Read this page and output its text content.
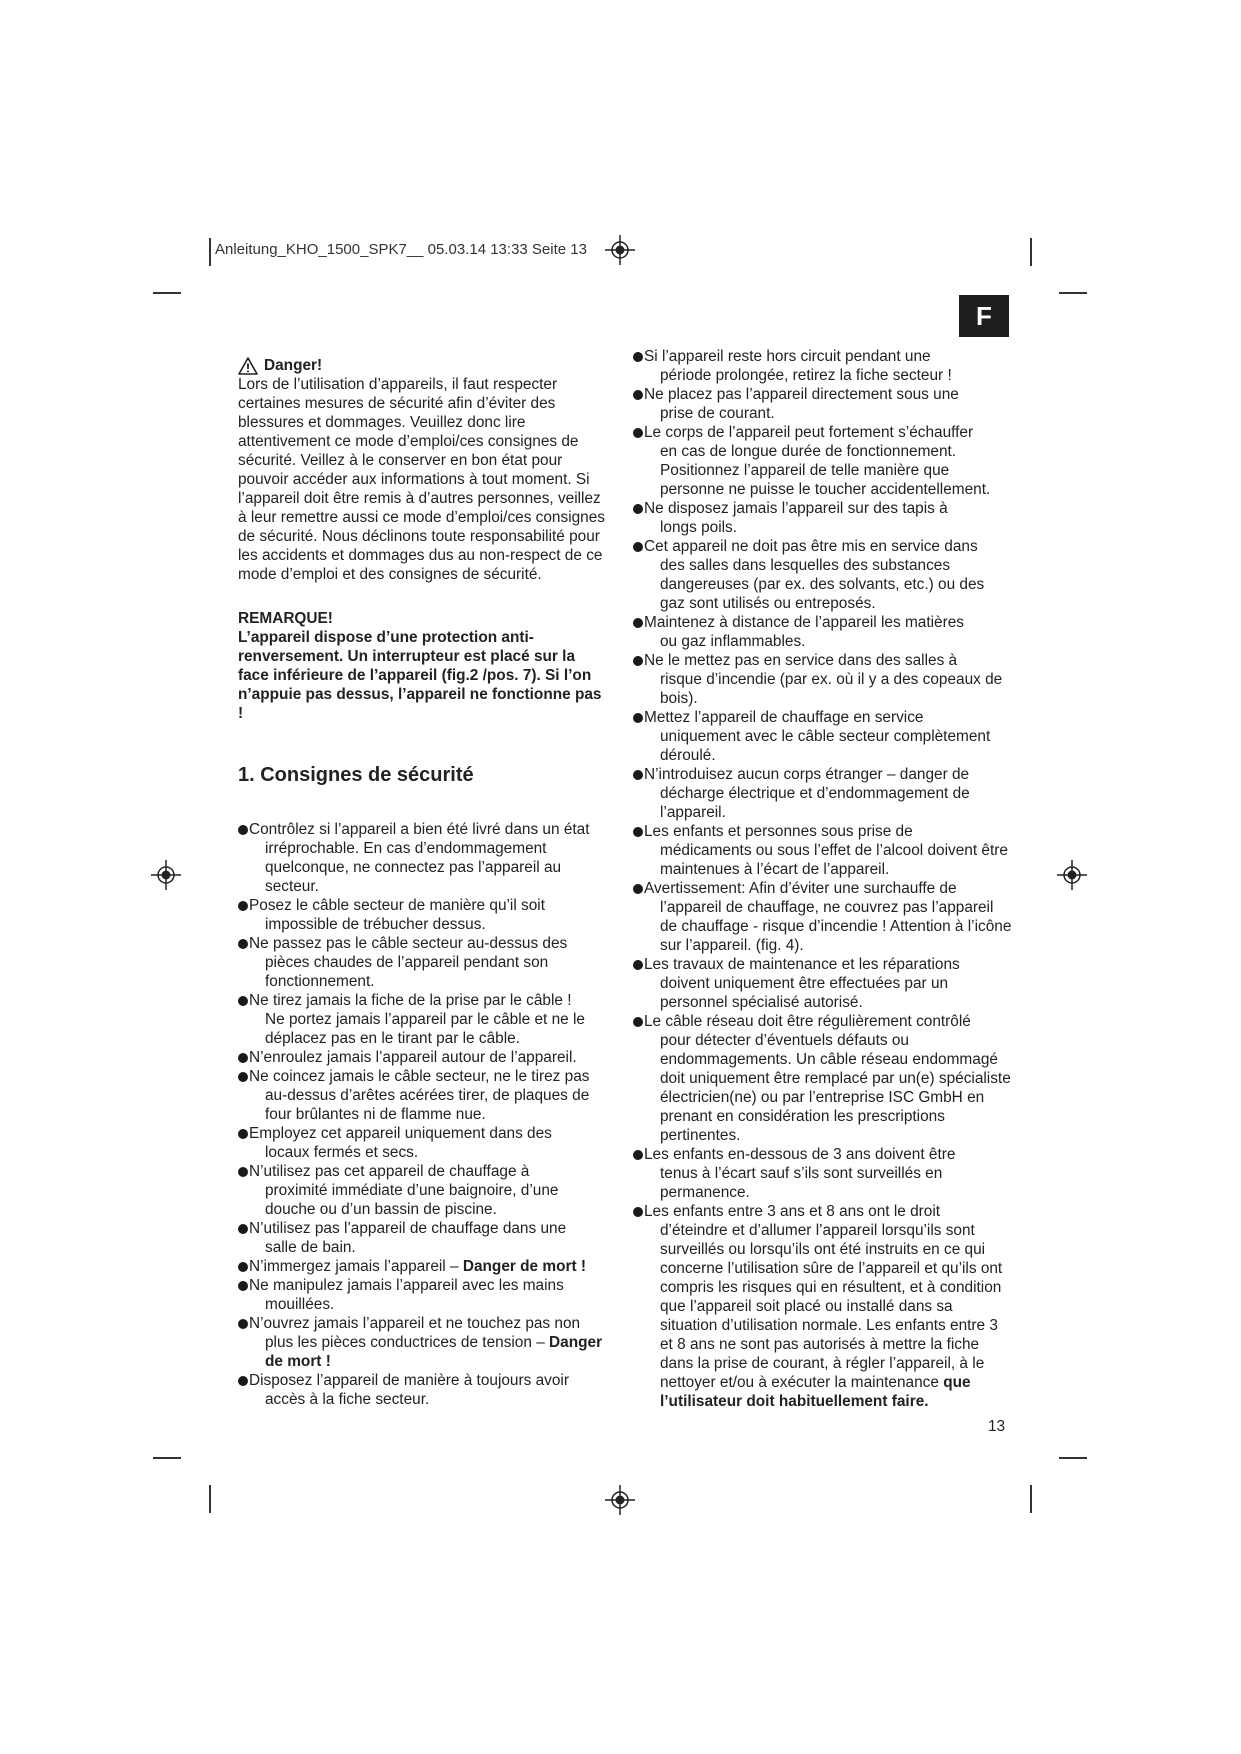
Anleitung_KHO_1500_SPK7__ 05.03.14 13:33 Seite 13
F
Danger!

Lors de l’utilisation d’appareils, il faut respecter certaines mesures de sécurité afin d’éviter des blessures et dommages. Veuillez donc lire attentivement ce mode d’emploi/ces consignes de sécurité. Veillez à le conserver en bon état pour pouvoir accéder aux informations à tout moment. Si l’appareil doit être remis à d’autres personnes, veillez à leur remettre aussi ce mode d’emploi/ces consignes de sécurité. Nous déclinons toute responsabilité pour les accidents et dommages dus au non-respect de ce mode d’emploi et des consignes de sécurité.

REMARQUE!
L’appareil dispose d’une protection anti-renversement. Un interrupteur est placé sur la face inférieure de l’appareil (fig.2 /pos. 7). Si l’on n’appuie pas dessus, l’appareil ne fonctionne pas !
1. Consignes de sécurité
Contrôlez si l’appareil a bien été livré dans un état
irréprochable. En cas d’endommagement quelconque, ne connectez pas l’appareil au secteur.
Posez le câble secteur de manière qu’il soit
impossible de trébucher dessus.
Ne passez pas le câble secteur au-dessus des
pièces chaudes de l’appareil pendant son fonctionnement.
Ne tirez jamais la fiche de la prise par le câble !
Ne portez jamais l’appareil par le câble et ne le déplacez pas en le tirant par le câble.
N’enroulez jamais l’appareil autour de l’appareil.
Ne coincez jamais le câble secteur, ne le tirez pas
au-dessus d’arêtes acérées tirer, de plaques de four brûlantes ni de flamme nue.
Employez cet appareil uniquement dans des
locaux fermés et secs.
N’utilisez pas cet appareil de chauffage à
proximité immédiate d’une baignoire, d’une douche ou d’un bassin de piscine.
N’utilisez pas l’appareil de chauffage dans une
salle de bain.
N’immergez jamais l’appareil – Danger de mort !
Ne manipulez jamais l’appareil avec les mains
mouillées.
N’ouvrez jamais l’appareil et ne touchez pas non
plus les pièces conductrices de tension – Danger de mort !
Disposez l’appareil de manière à toujours avoir
accès à la fiche secteur.
Si l’appareil reste hors circuit pendant une
période prolongée, retirez la fiche secteur !
Ne placez pas l’appareil directement sous une
prise de courant.
Le corps de l’appareil peut fortement s’échauffer
en cas de longue durée de fonctionnement. Positionnez l’appareil de telle manière que personne ne puisse le toucher accidentellement.
Ne disposez jamais l’appareil sur des tapis à
longs poils.
Cet appareil ne doit pas être mis en service dans
des salles dans lesquelles des substances dangereuses (par ex. des solvants, etc.) ou des gaz sont utilisés ou entreposés.
Maintenez à distance de l’appareil les matières
ou gaz inflammables.
Ne le mettez pas en service dans des salles à
risque d’incendie (par ex. où il y a des copeaux de bois).
Mettez l’appareil de chauffage en service
uniquement avec le câble secteur complètement déroulé.
N’introduisez aucun corps étranger – danger de
décharge électrique et d’endommagement de l’appareil.
Les enfants et personnes sous prise de
médicaments ou sous l’effet de l’alcool doivent être maintenues à l’écart de l’appareil.
Avertissement: Afin d’éviter une surchauffe de
l’appareil de chauffage, ne couvrez pas l’appareil de chauffage - risque d’incendie ! Attention à l’icône sur l’appareil. (fig. 4).
Les travaux de maintenance et les réparations
doivent uniquement être effectuées par un personnel spécialisé autorisé.
Le câble réseau doit être régulièrement contrôlé
pour détecter d’éventuels défauts ou endommagements. Un câble réseau endommagé doit uniquement être remplacé par un(e) spécialiste électricien(ne) ou par l’entreprise ISC GmbH en prenant en considération les prescriptions pertinentes.
Les enfants en-dessous de 3 ans doivent être
tenus à l’écart sauf s’ils sont surveillés en permanence.
Les enfants entre 3 ans et 8 ans ont le droit
d’éteindre et d’allumer l’appareil lorsqu’ils sont surveillés ou lorsqu’ils ont été instruits en ce qui concerne l’utilisation sûre de l’appareil et qu’ils ont compris les risques qui en résultent, et à condition que l’appareil soit placé ou installé dans sa situation d’utilisation normale. Les enfants entre 3 et 8 ans ne sont pas autorisés à mettre la fiche dans la prise de courant, à régler l’appareil, à le nettoyer et/ou à exécuter la maintenance que l’utilisateur doit habituellement faire.
13
